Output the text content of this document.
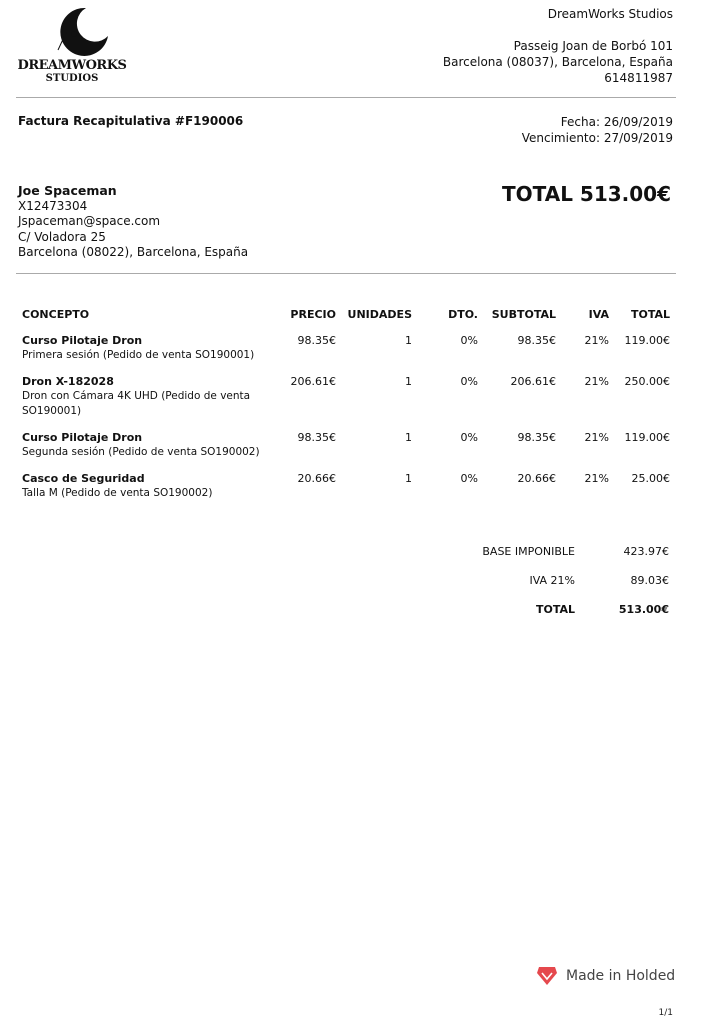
DREAMWORKS
STUDIOS
DreamWorks Studios
Passeig Joan de Borbó 101
Barcelona (08037), Barcelona, España
614811987
Factura Recapitulativa #F190006	Fecha: 26/09/2019
Vencimiento: 27/09/2019
Joe Spaceman
X12473304
Jspaceman@space.com
C/ Voladora 25
Barcelona (08022), Barcelona, España
TOTAL 513.00€
CONCEPTO	PRECIO	UNIDADES	DTO.	SUBTOTAL	IVA	TOTAL

Curso Pilotaje Dron
Primera sesión (Pedido de venta SO190001)	98.35€	1	0%	98.35€	21%	119.00€

Dron X-182028
Dron con Cámara 4K UHD (Pedido de venta SO190001)	206.61€	1	0%	206.61€	21%	250.00€

Curso Pilotaje Dron
Segunda sesión (Pedido de venta SO190002)	98.35€	1	0%	98.35€	21%	119.00€

Casco de Seguridad
Talla M (Pedido de venta SO190002)	20.66€	1	0%	20.66€	21%	25.00€
BASE IMPONIBLE	423.97€
IVA 21%	89.03€
TOTAL	513.00€
Made in Holded
1/1
